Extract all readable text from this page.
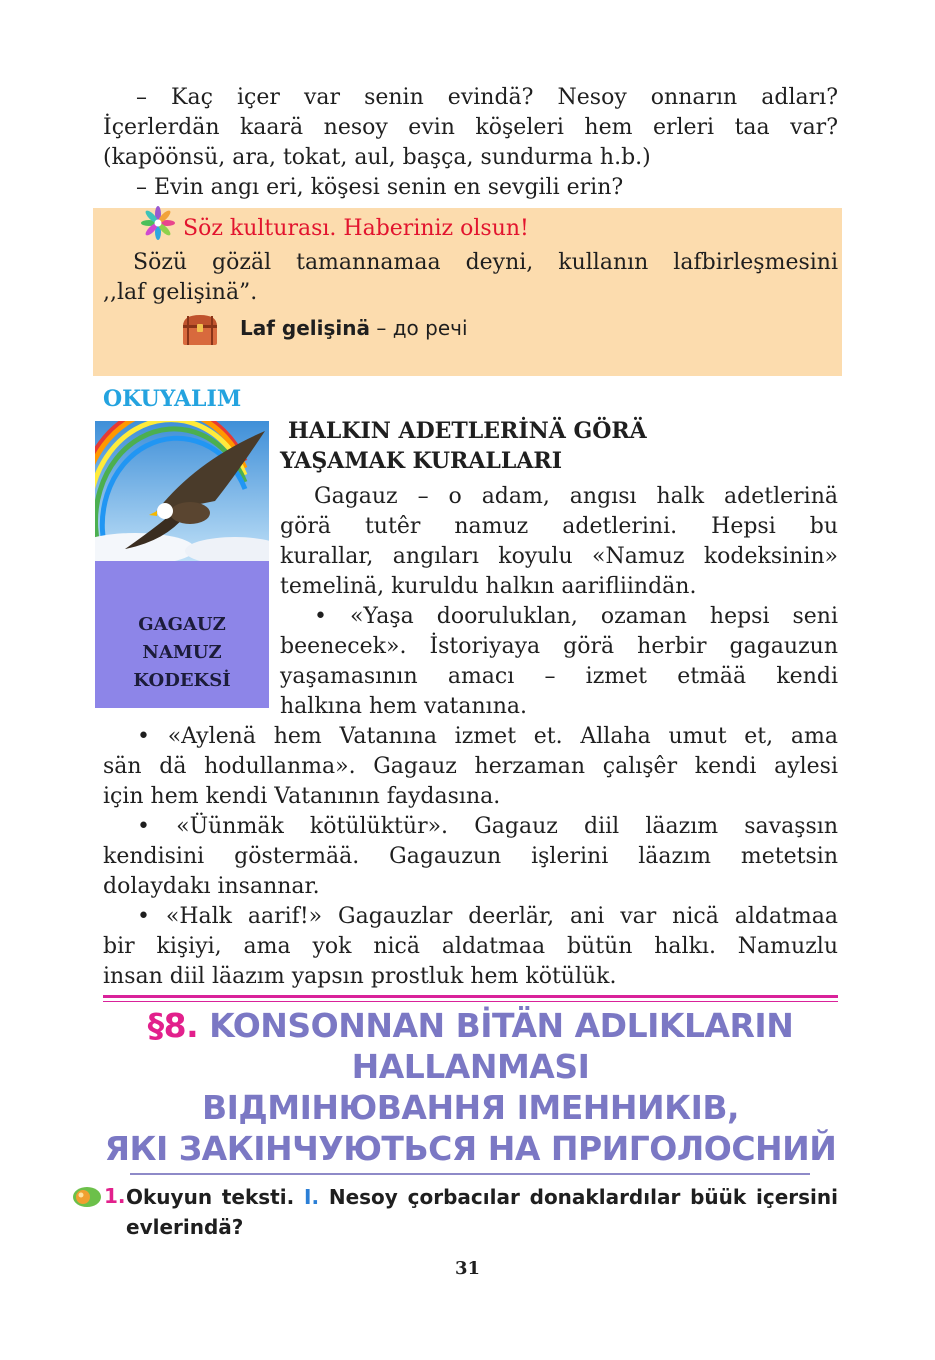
– Kaç içer var senin evindä? Nesoy onnarın adları?
İçerlerdän kaarä nesoy evin köşeleri hem erleri taa var?
(kapöönsü, ara, tokat, aul, başça, sundurma h.b.)
– Evin angı eri, köşesi senin en sevgili erin?
Söz kulturası. Haberiniz olsun!
Sözü gözäl tamannamaa deyni, kullanın lafbirleşmesini
,,laf gelişinä”.
Laf gelişinä – до речі
OKUYALIM
GAGAUZ
NAMUZ
KODEKSİ
HALKIN ADETLERİNÄ GÖRÄ
YAŞAMAK KURALLARI
Gagauz – o adam, angısı halk adetlerinä
görä tutêr namuz adetlerini. Hepsi bu
kurallar, angıları koyulu «Namuz kodeksinin»
temelinä, kuruldu halkın aarifliindän.
• «Yaşa dooruluklan, ozaman hepsi seni
beenecek». İstoriyaya görä herbir gagauzun
yaşamasının amacı – izmet etmää kendi
halkına hem vatanına.
• «Aylenä hem Vatanına izmet et. Allaha umut et, ama
sän dä hodullanma». Gagauz herzaman çalışêr kendi aylesi
için hem kendi Vatanının faydasına.
• «Üünmäk kötülüktür». Gagauz diil läazım savaşsın
kendisini göstermää. Gagauzun işlerini läazım metetsin
dolaydakı insannar.
• «Halk aarif!» Gagauzlar deerlär, ani var nicä aldatmaa
bir kişiyi, ama yok nicä aldatmaa bütün halkı. Namuzlu
insan diil läazım yapsın prostluk hem kötülük.
§8. KONSONNAN BİTÄN ADLIKLARIN
HALLANMASI
ВІДМІНЮВАННЯ ІМЕННИКІВ,
ЯКІ ЗАКІНЧУЮТЬСЯ НА ПРИГОЛОСНИЙ
1. Okuyun teksti. I. Nesoy çorbacılar donaklardılar büük içersini
evlerindä?
31
